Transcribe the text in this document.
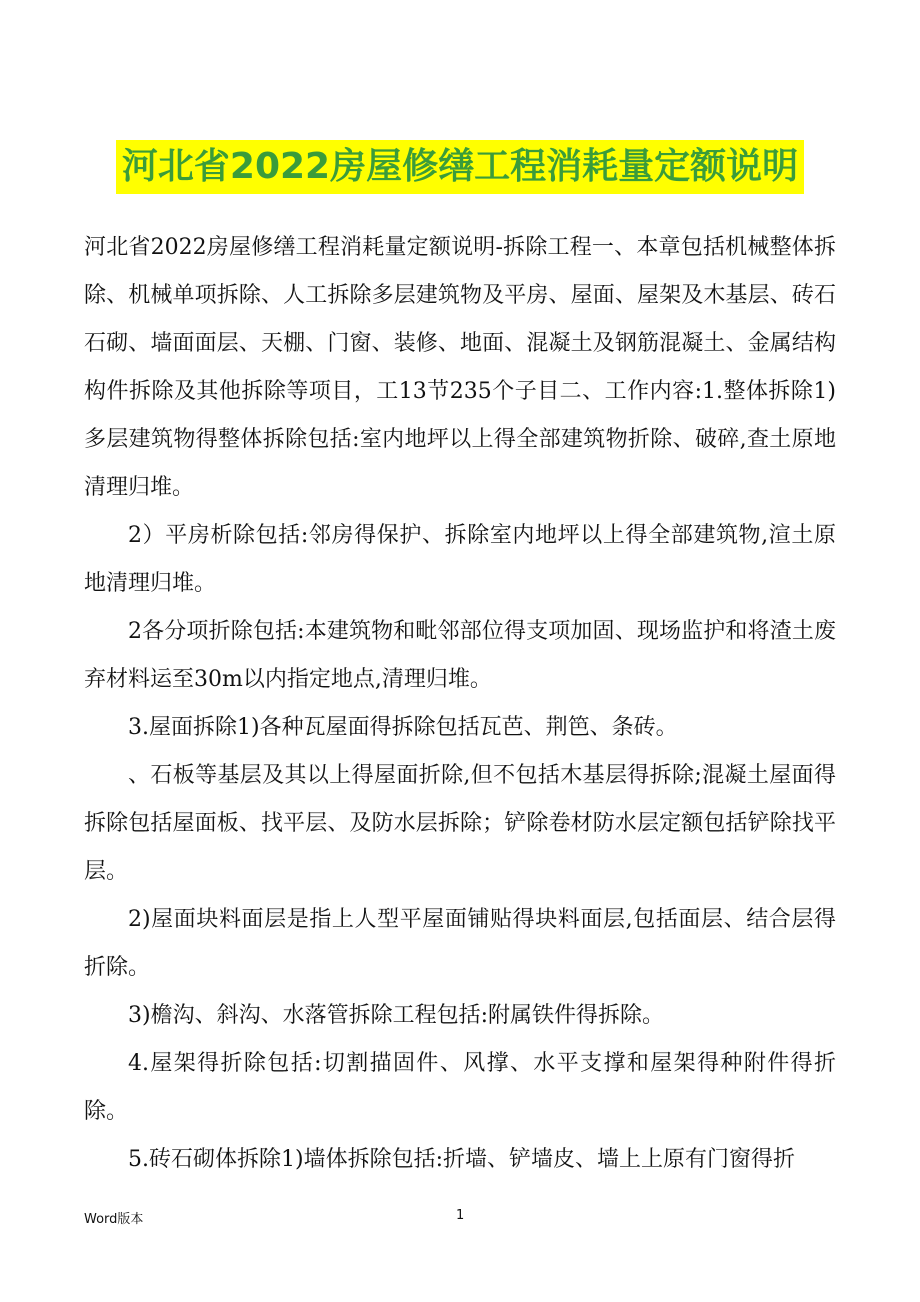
河北省2022房屋修缮工程消耗量定额说明

河北省2022房屋修缮工程消耗量定额说明-拆除工程一、本章包括机械整体拆除、机械单项拆除、人工拆除多层建筑物及平房、屋面、屋架及木基层、砖石石砌、墙面面层、天棚、门窗、装修、地面、混凝土及钢筋混凝土、金属结构构件拆除及其他拆除等项目，工13节235个子目二、工作内容:1.整体拆除1)多层建筑物得整体拆除包括:室内地坪以上得全部建筑物折除、破碎,查土原地清理归堆。

2）平房析除包括:邻房得保护、拆除室内地坪以上得全部建筑物,渲土原地清理归堆。

2各分项折除包括:本建筑物和毗邻部位得支项加固、现场监护和将渣土废弃材料运至30m以内指定地点,清理归堆。

3.屋面拆除1)各种瓦屋面得拆除包括瓦芭、荆笆、条砖。

、石板等基层及其以上得屋面折除,但不包括木基层得拆除;混凝土屋面得拆除包括屋面板、找平层、及防水层拆除；铲除卷材防水层定额包括铲除找平层。

2)屋面块料面层是指上人型平屋面铺贴得块料面层,包括面层、结合层得折除。

3)檐沟、斜沟、水落管拆除工程包括:附属铁件得拆除。

4.屋架得折除包括:切割描固件、风撑、水平支撑和屋架得种附件得折除。

5.砖石砌体拆除1)墙体拆除包括:折墙、铲墙皮、墙上上原有门窗得折

Word版本	1
